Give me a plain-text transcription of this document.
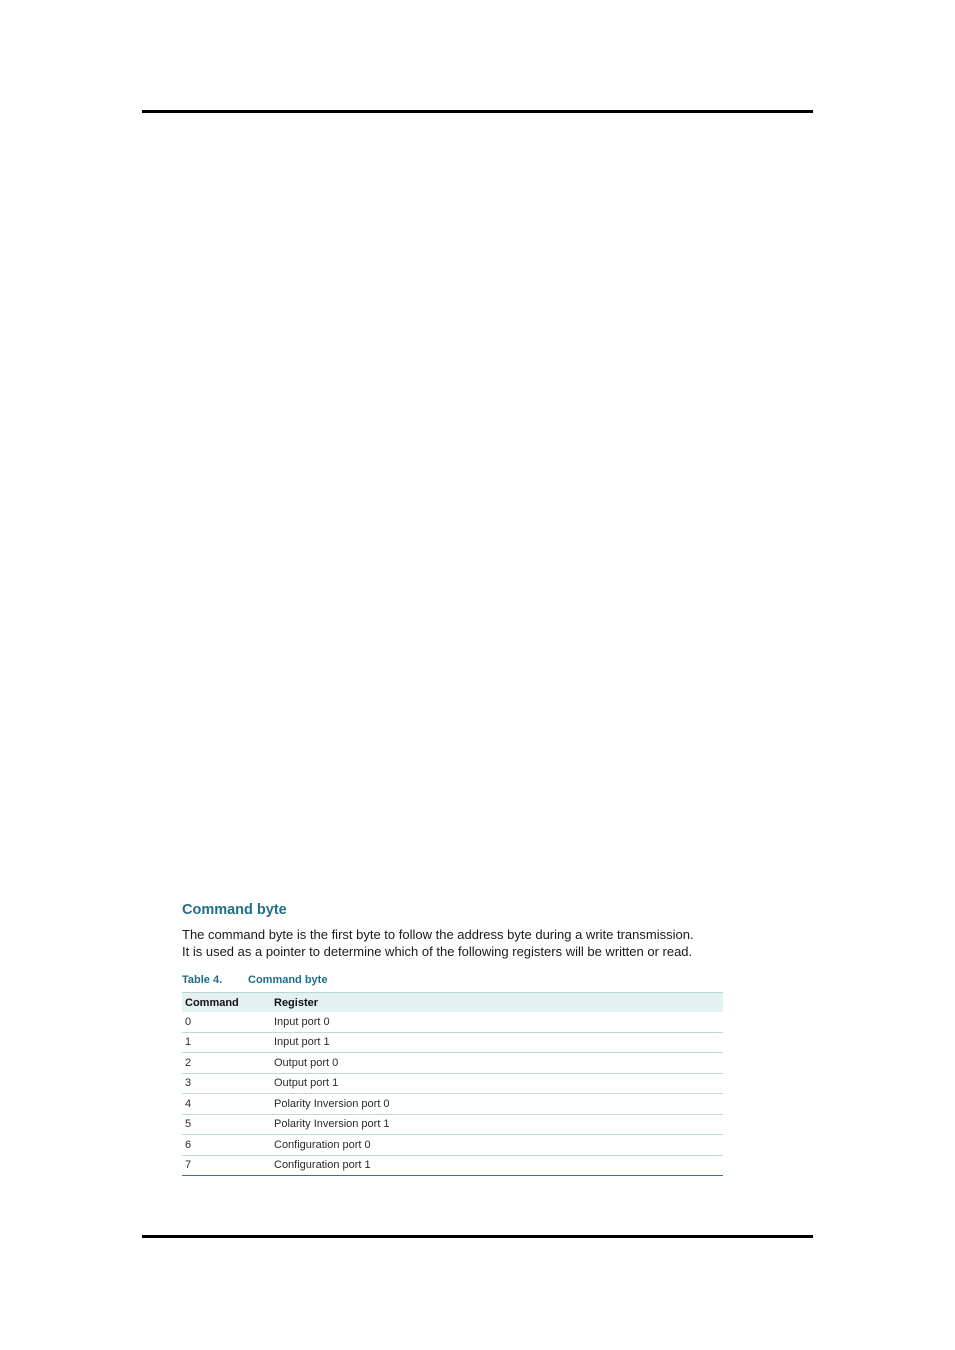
Command byte
The command byte is the first byte to follow the address byte during a write transmission.
It is used as a pointer to determine which of the following registers will be written or read.
Table 4. Command byte
Command	Register
0	Input port 0
1	Input port 1
2	Output port 0
3	Output port 1
4	Polarity Inversion port 0
5	Polarity Inversion port 1
6	Configuration port 0
7	Configuration port 1
